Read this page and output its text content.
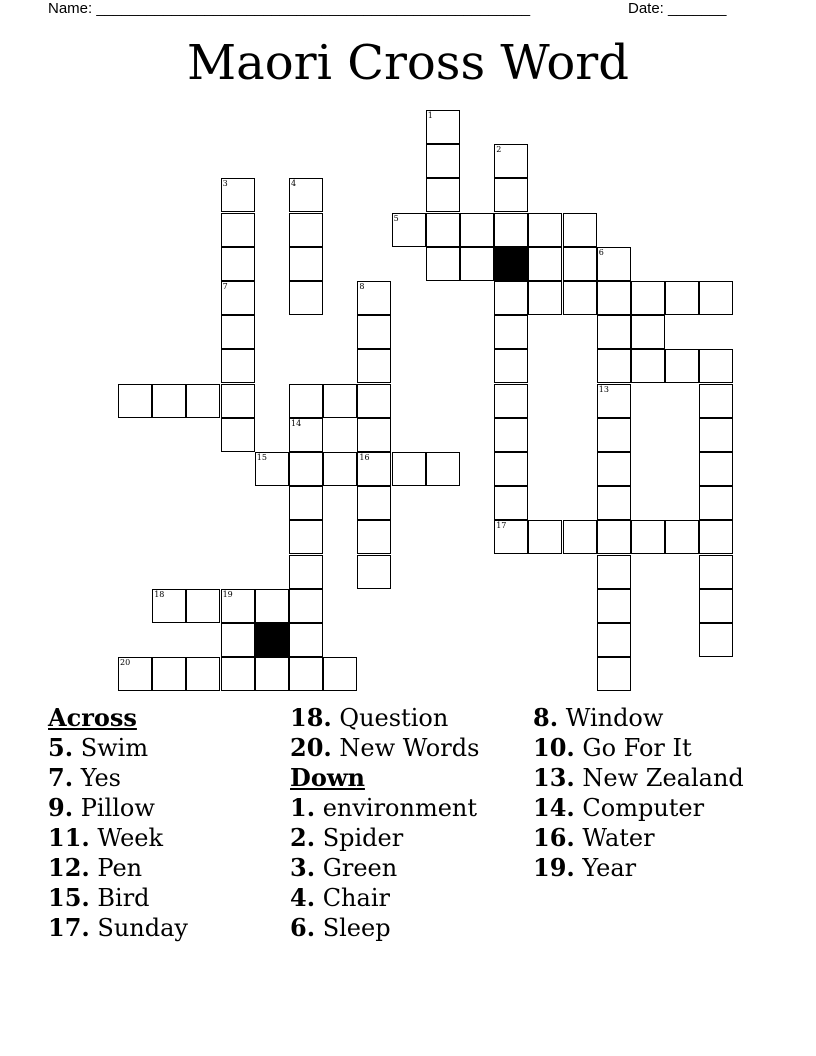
Name: ____________________________________________________	Date: _______
Maori Cross Word
1
2
17
3
7
4
5
6
8
13
15	16
14
18	19
20
Across
5. Swim
7. Yes
9. Pillow
11. Week
12. Pen
15. Bird
17. Sunday
18. Question
20. New Words
Down
1. environment
2. Spider
3. Green
4. Chair
6. Sleep
8. Window
10. Go For It
13. New Zealand
14. Computer
16. Water
19. Year
